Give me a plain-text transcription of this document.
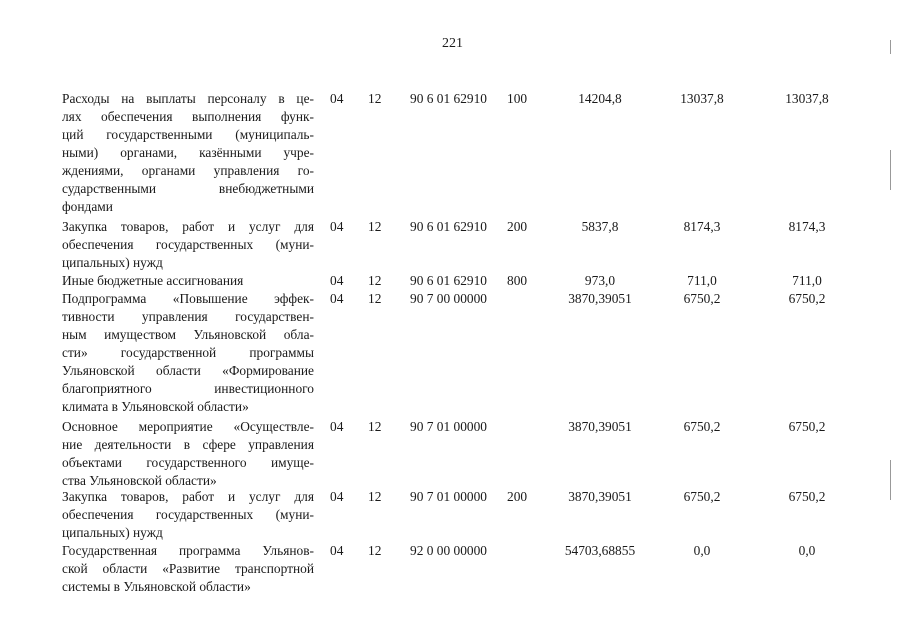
221
Расходы на выплаты персоналу в це-
лях обеспечения выполнения функ-
ций государственными (муниципаль-
ными) органами, казёнными учре-
ждениями, органами управления го-
сударственными внебюджетными
фондами
04 12 90 6 01 62910 100	14204,8	13037,8	13037,8
Закупка товаров, работ и услуг для
обеспечения государственных (муни-
ципальных) нужд
04 12 90 6 01 62910 200	5837,8	8174,3	8174,3
Иные бюджетные ассигнования	04 12 90 6 01 62910 800	973,0	711,0	711,0
Подпрограмма «Повышение эффек-
тивности управления государствен-
ным имуществом Ульяновской обла-
сти» государственной программы
Ульяновской области «Формирование
благоприятного инвестиционного
климата в Ульяновской области»
04 12 90 7 00 00000	3870,39051	6750,2	6750,2
Основное мероприятие «Осуществле-
ние деятельности в сфере управления
объектами государственного имуще-
ства Ульяновской области»
04 12 90 7 01 00000	3870,39051	6750,2	6750,2
Закупка товаров, работ и услуг для
обеспечения государственных (муни-
ципальных) нужд
04 12 90 7 01 00000 200	3870,39051	6750,2	6750,2
Государственная программа Ульянов-
ской области «Развитие транспортной
системы в Ульяновской области»
04 12 92 0 00 00000	54703,68855	0,0	0,0
